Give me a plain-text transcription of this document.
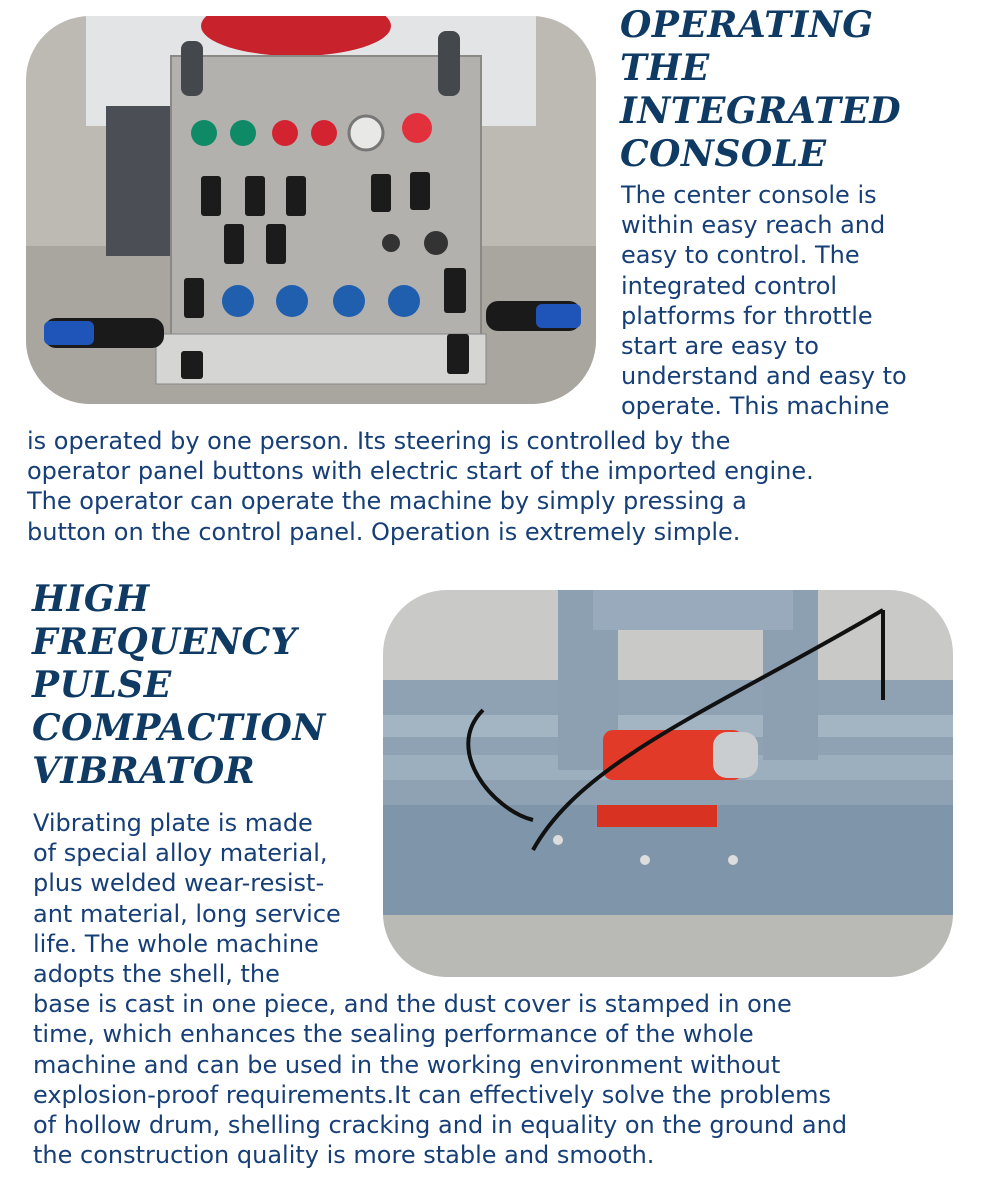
OPERATING
THE
INTEGRATED
CONSOLE
The center console is
within easy reach and
easy to control. The
integrated control
platforms for throttle
start are easy to
understand and easy to
operate. This machine
is operated by one person. Its steering is controlled by the
operator panel buttons with electric start of the imported engine.
The operator can operate the machine by simply pressing a
button on the control panel. Operation is extremely simple.
HIGH
FREQUENCY
PULSE
COMPACTION
VIBRATOR
Vibrating plate is made
of special alloy material,
plus welded wear-resist-
ant material, long service
life. The whole machine
adopts the shell, the
base is cast in one piece, and the dust cover is stamped in one
time, which enhances the sealing performance of the whole
machine and can be used in the working environment without
explosion-proof requirements.It can effectively solve the problems
of hollow drum, shelling cracking and in equality on the ground and
the construction quality is more stable and smooth.
